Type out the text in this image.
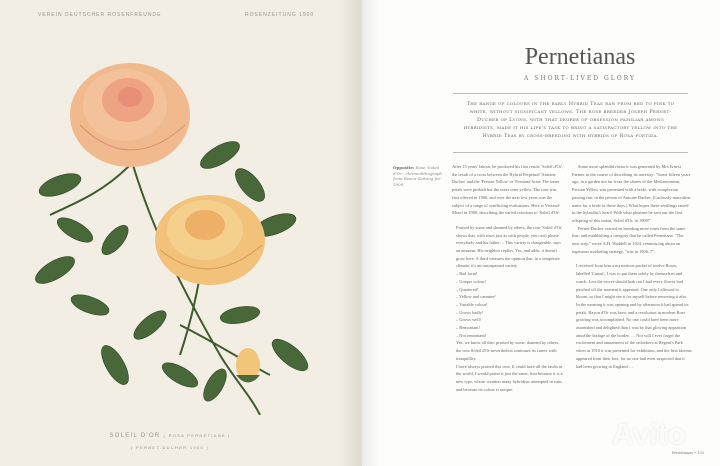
VEREIN DEUTSCHER ROSENFREUNDE	ROSENZEITUNG 1900
SOLEIL D'OR ( ROSA PERNETIANA )
( PERNET-DUCHER 1900 )
Pernetianas
A SHORT-LIVED GLORY
The range of colours in the early Hybrid Teas ran from red to pink to white, without significant yellows. The rose breeder Joseph Pernet-Ducher of Lyons, with that degree of obsession familiar among hybridists, made it his life's task to bring a satisfactory yellow into the Hybrid Teas by cross-breeding with hybrids of Rosa foetida.
Opposite: Rose 'Soleil d'Or', chromolithograph from Rosen-Zeitung for 1900.

After 15 years' labour, he produced his first result: 'Soleil d'Or', the result of a cross between the Hybrid Perpetual 'Antoine Ducher' and the 'Persian Yellow' or 'Persiana' briar. The inner petals were pinkish but the outer ones yellow. The rose was first offered in 1900, and over the next few years was the subject of a range of conflicting evaluations. Here is Viviand-Morel in 1900, describing the varied reactions to 'Soleil d'Or':

Praised by some and damned by others, the rose 'Soleil d'Or' shows that, with roses just as with people, you can't please everybody and his father: – This variety is changeable, says an amateur. His neighbor replies: Yes, and adds: it doesn't grow here. A third ventures the opinion that, in a temperate climate, it's an unsurpassed variety.
– Bad form!
– Unique colour!
– Quartered!
– Yellow and carmine!
– Variable colour!
– Grows badly!
– Grows well!
– Remontant!
– Not remontant!
Yes, we know all that: praised by some, damned by others, the rose Soleil d'Or nevertheless continues its career with tranquillity.
I have always praised this rose. It could have all the faults in the world, I would praise it just the same, first because it is a new type, whose creation many hybridists attempted in vain, and because its colour is unique.

Some more splendid rhetoric was generated by Mrs Ernest Farmer in the course of describing its ancestry: "Some fifteen years ago, in a garden not far from the shores of the Mediterranean, Persian Yellow was presented with a bride, with complexion passing fair, in the person of Antoine Ducher. [Curiously masculine name for a bride in those days.] What hopes these seedlings raised in the hybridist's heart! With what pleasure he sent out the first offspring of this union, Soleil d'Or, in 1900!"

Pernet-Ducher carried on breeding more roses from the same line, and establishing a category that he called Pernetiana. "The next step," wrote A.H. Waddell in 1924, reminiscing about an ingenious marketing strategy, "was in 1906–7":

I received from him a mysterious packet of twelve Roses, labelled 'Canari'; I was to put them safely by themselves and watch. Lest the secret should leak out I had every flower bud pinched off the moment it appeared. One only I allowed to bloom, so that I might see it for myself before removing it also. In the morning it was opening and by afternoon it had spread its petals. Rayon d'Or was born, and a revolution in modern Rose growing was accomplished. No one could have been more astonished and delighted than I was by that glowing apparition amid the leafage of the border. … Nor will I ever forget the excitement and amazement of the onlookers at Regent's Park when in 1910 it was presented for exhibition, and the first blooms appeared from their box, for no one had even suspected that it had been growing in England …
Avito
Pernetianas • 153
